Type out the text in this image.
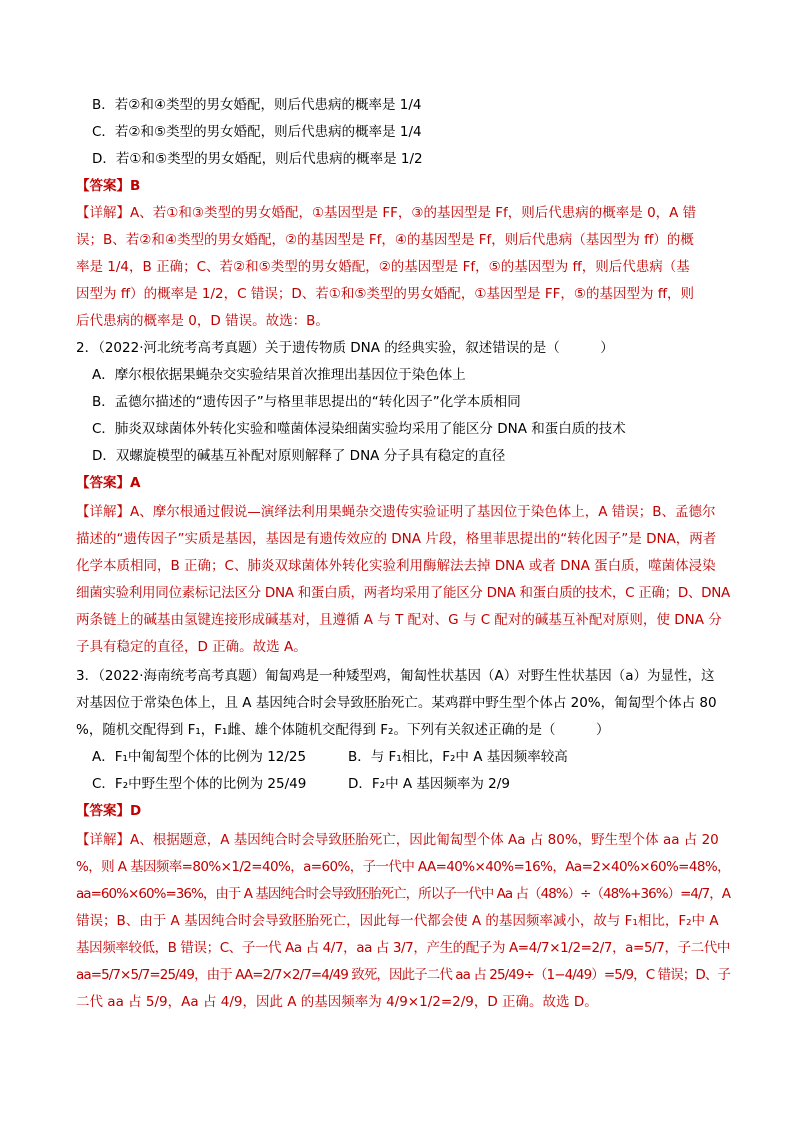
B．若②和④类型的男女婚配，则后代患病的概率是 1/4
C．若②和⑤类型的男女婚配，则后代患病的概率是 1/4
D．若①和⑤类型的男女婚配，则后代患病的概率是 1/2
【答案】B
【详解】A、若①和③类型的男女婚配，①基因型是 FF，③的基因型是 Ff，则后代患病的概率是 0，A 错
误；B、若②和④类型的男女婚配，②的基因型是 Ff，④的基因型是 Ff，则后代患病（基因型为 ff）的概
率是 1/4，B 正确；C、若②和⑤类型的男女婚配，②的基因型是 Ff，⑤的基因型为 ff，则后代患病（基
因型为 ff）的概率是 1/2，C 错误；D、若①和⑤类型的男女婚配，①基因型是 FF，⑤的基因型为 ff，则
后代患病的概率是 0，D 错误。故选：B。
2．（2022·河北统考高考真题）关于遗传物质 DNA 的经典实验，叙述错误的是（　　　）
A．摩尔根依据果蝇杂交实验结果首次推理出基因位于染色体上
B．孟德尔描述的“遗传因子”与格里菲思提出的“转化因子”化学本质相同
C．肺炎双球菌体外转化实验和噬菌体浸染细菌实验均采用了能区分 DNA 和蛋白质的技术
D．双螺旋模型的碱基互补配对原则解释了 DNA 分子具有稳定的直径
【答案】A
【详解】A、摩尔根通过假说—演绎法利用果蝇杂交遗传实验证明了基因位于染色体上，A 错误；B、孟德尔
描述的“遗传因子”实质是基因，基因是有遗传效应的 DNA 片段，格里菲思提出的“转化因子”是 DNA，两者
化学本质相同，B 正确；C、肺炎双球菌体外转化实验利用酶解法去掉 DNA 或者 DNA 蛋白质，噬菌体浸染
细菌实验利用同位素标记法区分 DNA 和蛋白质，两者均采用了能区分 DNA 和蛋白质的技术，C 正确；D、DNA
两条链上的碱基由氢键连接形成碱基对，且遵循 A 与 T 配对、G 与 C 配对的碱基互补配对原则，使 DNA 分
子具有稳定的直径，D 正确。故选 A。
3．（2022·海南统考高考真题）匍匐鸡是一种矮型鸡，匍匐性状基因（A）对野生性状基因（a）为显性，这
对基因位于常染色体上，且 A 基因纯合时会导致胚胎死亡。某鸡群中野生型个体占 20%，匍匐型个体占 80
%，随机交配得到 F₁，F₁雌、雄个体随机交配得到 F₂。下列有关叙述正确的是（　　　）
A．F₁中匍匐型个体的比例为 12/25	B．与 F₁相比，F₂中 A 基因频率较高
C．F₂中野生型个体的比例为 25/49	D．F₂中 A 基因频率为 2/9
【答案】D
【详解】A、根据题意，A 基因纯合时会导致胚胎死亡，因此匍匐型个体 Aa 占 80%，野生型个体 aa 占 20
%，则 A 基因频率=80%×1/2=40%，a=60%，子一代中 AA=40%×40%=16%，Aa=2×40%×60%=48%，
aa=60%×60%=36%，由于 A 基因纯合时会导致胚胎死亡，所以子一代中 Aa 占（48%）÷（48%+36%）=4/7，A
错误；B、由于 A 基因纯合时会导致胚胎死亡，因此每一代都会使 A 的基因频率减小，故与 F₁相比，F₂中 A
基因频率较低，B 错误；C、子一代 Aa 占 4/7，aa 占 3/7，产生的配子为 A=4/7×1/2=2/7，a=5/7，子二代中
aa=5/7×5/7=25/49，由于 AA=2/7×2/7=4/49 致死，因此子二代 aa 占 25/49÷（1−4/49）=5/9，C 错误；D、子
二代 aa 占 5/9，Aa 占 4/9，因此 A 的基因频率为 4/9×1/2=2/9，D 正确。故选 D。
